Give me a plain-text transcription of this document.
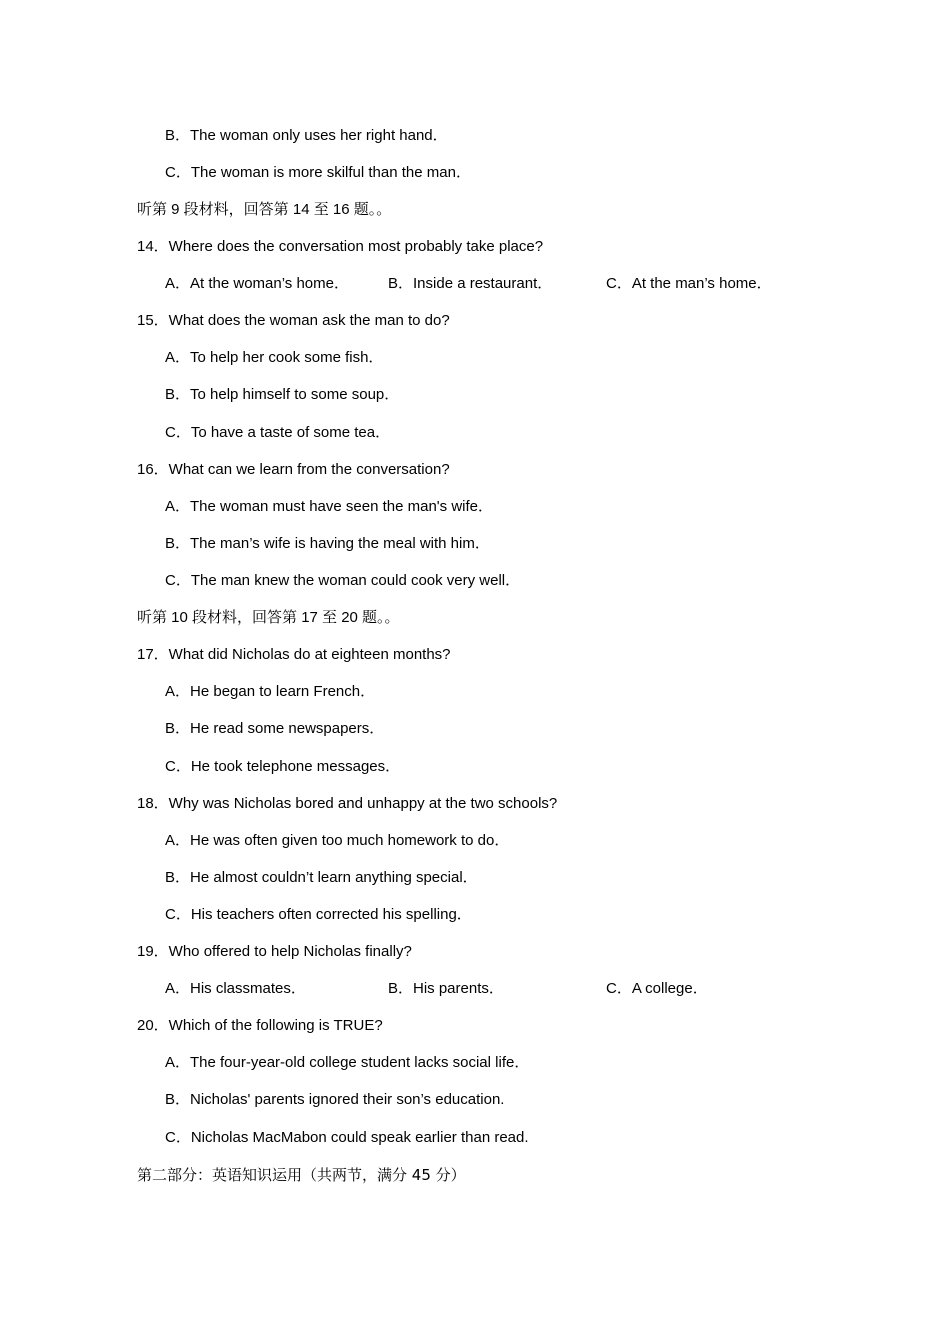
B．The woman only uses her right hand．
C．The woman is more skilful than the man．
听第 9 段材料，回答第 14 至 16 题。。
14．Where does the conversation most probably take place?
A．At the woman’s home．	B．Inside a restaurant．	C．At the man’s home．
15．What does the woman ask the man to do?
A．To help her cook some fish．
B．To help himself to some soup．
C．To have a taste of some tea．
16．What can we learn from the conversation?
A．The woman must have seen the man's wife．
B．The man’s wife is having the meal with him．
C．The man knew the woman could cook very well．
听第 10 段材料，回答第 17 至 20 题。。
17．What did Nicholas do at eighteen months?
A．He began to learn French．
B．He read some newspapers．
C．He took telephone messages．
18．Why was Nicholas bored and unhappy at the two schools?
A．He was often given too much homework to do．
B．He almost couldn’t learn anything special．
C．His teachers often corrected his spelling．
19．Who offered to help Nicholas finally?
A．His classmates．	B．His parents．	C．A college．
20．Which of the following is TRUE?
A．The four-year-old college student lacks social life．
B．Nicholas' parents ignored their son’s education.
C．Nicholas MacMabon could speak earlier than read.
第二部分：英语知识运用（共两节，满分 45 分）
